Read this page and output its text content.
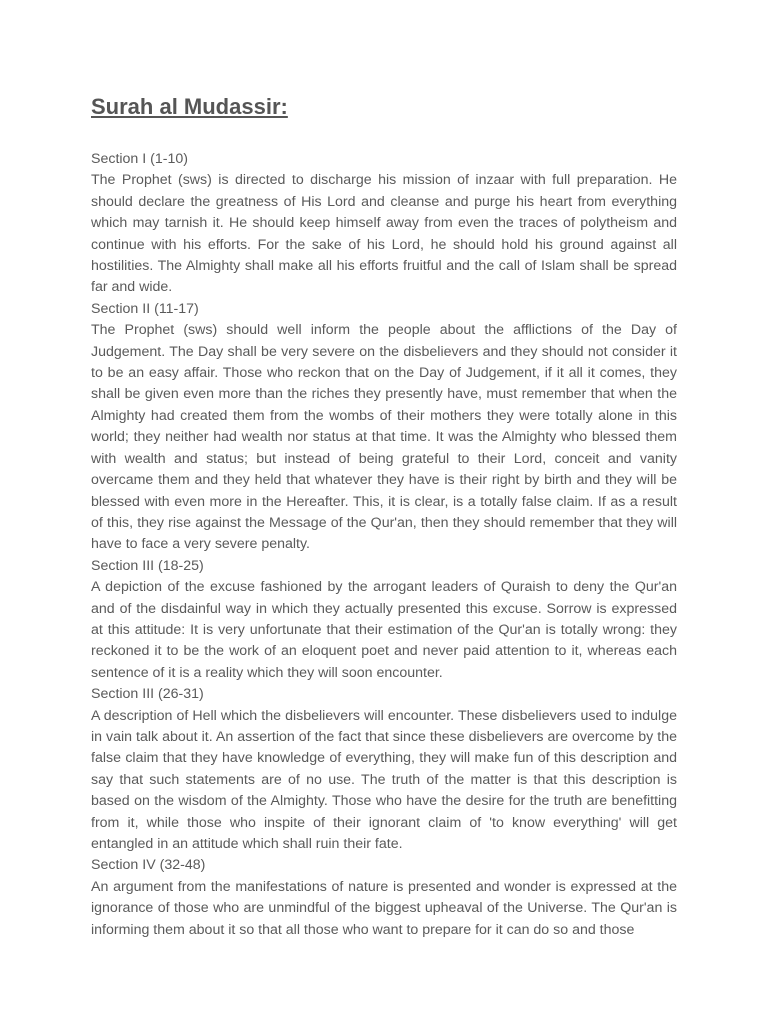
Surah al Mudassir:

Section I (1-10)

The Prophet (sws) is directed to discharge his mission of inzaar with full preparation. He should declare the greatness of His Lord and cleanse and purge his heart from everything which may tarnish it. He should keep himself away from even the traces of polytheism and continue with his efforts. For the sake of his Lord, he should hold his ground against all hostilities. The Almighty shall make all his efforts fruitful and the call of Islam shall be spread far and wide.

Section II (11-17)

The Prophet (sws) should well inform the people about the afflictions of the Day of Judgement. The Day shall be very severe on the disbelievers and they should not consider it to be an easy affair. Those who reckon that on the Day of Judgement, if it all it comes, they shall be given even more than the riches they presently have, must remember that when the Almighty had created them from the wombs of their mothers they were totally alone in this world; they neither had wealth nor status at that time. It was the Almighty who blessed them with wealth and status; but instead of being grateful to their Lord, conceit and vanity overcame them and they held that whatever they have is their right by birth and they will be blessed with even more in the Hereafter. This, it is clear, is a totally false claim. If as a result of this, they rise against the Message of the Qur'an, then they should remember that they will have to face a very severe penalty.

Section III (18-25)

A depiction of the excuse fashioned by the arrogant leaders of Quraish to deny the Qur'an and of the disdainful way in which they actually presented this excuse. Sorrow is expressed at this attitude: It is very unfortunate that their estimation of the Qur'an is totally wrong: they reckoned it to be the work of an eloquent poet and never paid attention to it, whereas each sentence of it is a reality which they will soon encounter.

Section III (26-31)

A description of Hell which the disbelievers will encounter. These disbelievers used to indulge in vain talk about it. An assertion of the fact that since these disbelievers are overcome by the false claim that they have knowledge of everything, they will make fun of this description and say that such statements are of no use. The truth of the matter is that this description is based on the wisdom of the Almighty. Those who have the desire for the truth are benefitting from it, while those who inspite of their ignorant claim of 'to know everything' will get entangled in an attitude which shall ruin their fate.

Section IV (32-48)

An argument from the manifestations of nature is presented and wonder is expressed at the ignorance of those who are unmindful of the biggest upheaval of the Universe. The Qur'an is informing them about it so that all those who want to prepare for it can do so and those
